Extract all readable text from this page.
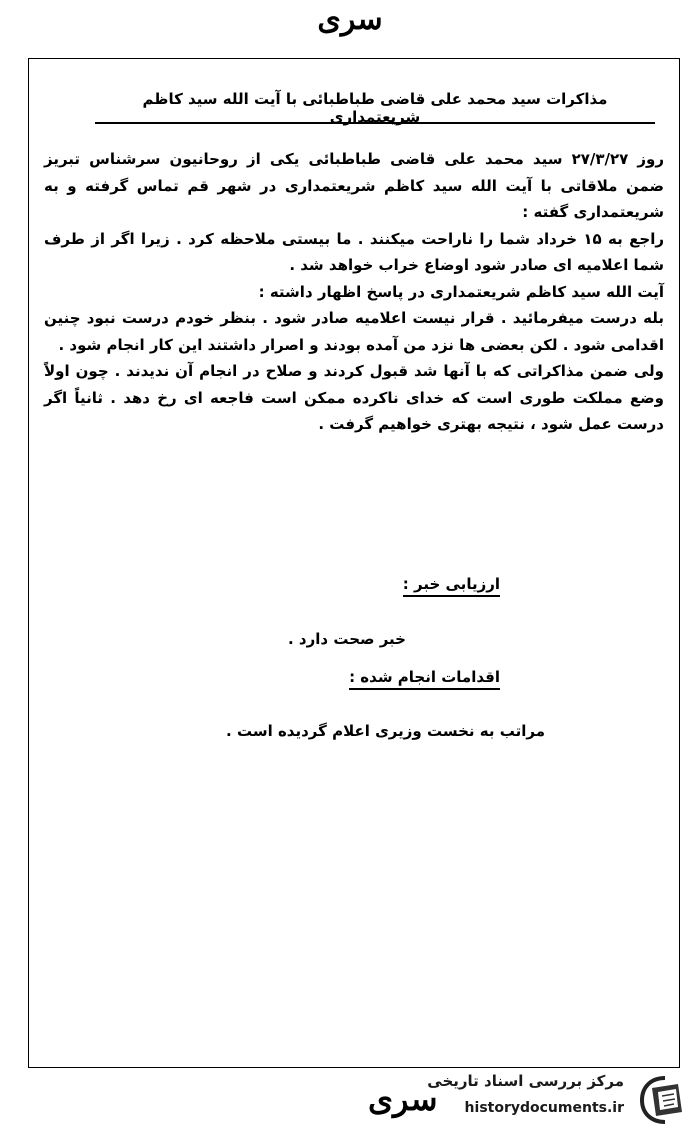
سری
مذاکرات سید محمد علی قاضی طباطبائی با آیت الله سید کاظم شریعتمداری

روز ۲۷/۳/۲۷ سید محمد علی قاضی طباطبائی یکی از روحانیون سرشناس تبریز ضمن ملاقاتی با آیت الله سید کاظم شریعتمداری در شهر قم تماس گرفته و به شریعتمداری گفته :

راجع به ۱۵ خرداد شما را ناراحت میکنند . ما بیستی ملاحظه کرد . زیرا اگر از طرف شما اعلامیه ای صادر شود اوضاع خراب خواهد شد .

آیت الله سید کاظم شریعتمداری در پاسخ اظهار داشته :

بله درست میفرمائید . قرار نیست اعلامیه صادر شود . بنظر خودم درست نبود چنین اقدامی شود . لکن بعضی ها نزد من آمده بودند و اصرار داشتند این کار انجام شود .

ولی ضمن مذاکراتی که با آنها شد قبول کردند و صلاح در انجام آن ندیدند . چون اولاً وضع مملکت طوری است که خدای ناکرده ممکن است فاجعه ای رخ دهد . ثانیاً اگر درست عمل شود ، نتیجه بهتری خواهیم گرفت .

ارزیابی خبر :
خبر صحت دارد .
اقدامات انجام شده :
مراتب به نخست وزیری اعلام گردیده است .
سری
مرکز بررسی اسناد تاریخی
historydocuments.ir
